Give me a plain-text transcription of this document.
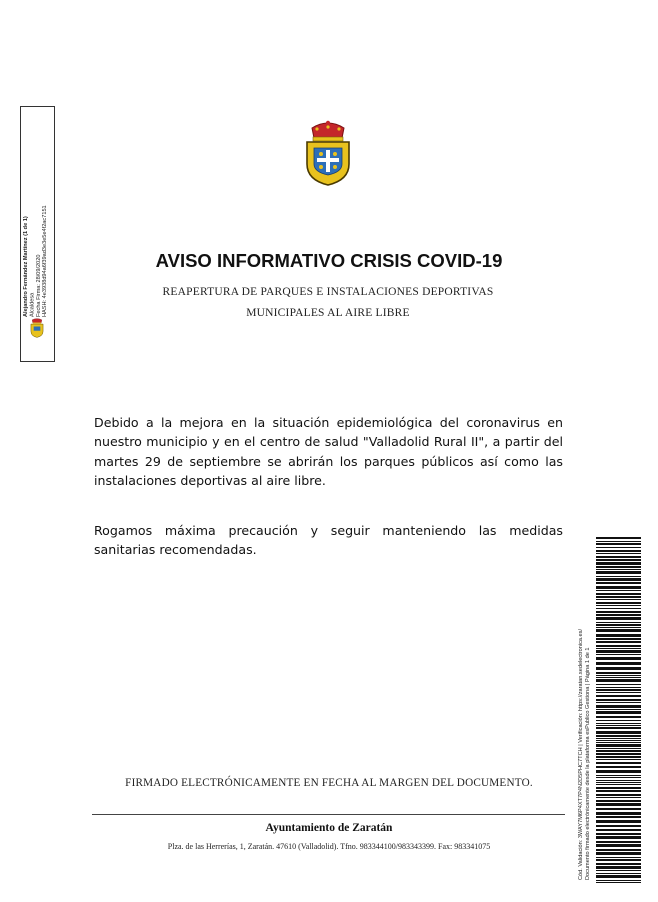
Alejandro Fernández Martínez (1 de 1) Alcaldesa Fecha Firma: 28/09/2020 HASH: 4e3938d94a6f39ad3e3e5e4f2ac7151	AVISO INFORMATIVO CRISIS COVID-19
REAPERTURA DE PARQUES E INSTALACIONES DEPORTIVAS
MUNICIPALES AL AIRE LIBRE

Debido a la mejora en la situación epidemiológica del coronavirus en nuestro municipio y en el centro de salud "Valladolid Rural II", a partir del martes 29 de septiembre se abrirán los parques públicos así como las instalaciones deportivas al aire libre.

Rogamos máxima precaución y seguir manteniendo las medidas sanitarias recomendadas.

FIRMADO ELECTRÓNICAMENTE EN FECHA AL MARGEN DEL DOCUMENTO.
Ayuntamiento de Zaratán
Plza. de las Herrerías, 1, Zaratán. 47610 (Valladolid). Tfno. 983344100/983343399. Fax: 983341075	Cód. Validación: 3WAY7M6P4XT7P4N2D5PHC7TCH | Verificación: https://zaratan.sedelectronica.es/ Documento firmado electrónicamente desde la plataforma esPublico Gestiona | Página 1 de 1
